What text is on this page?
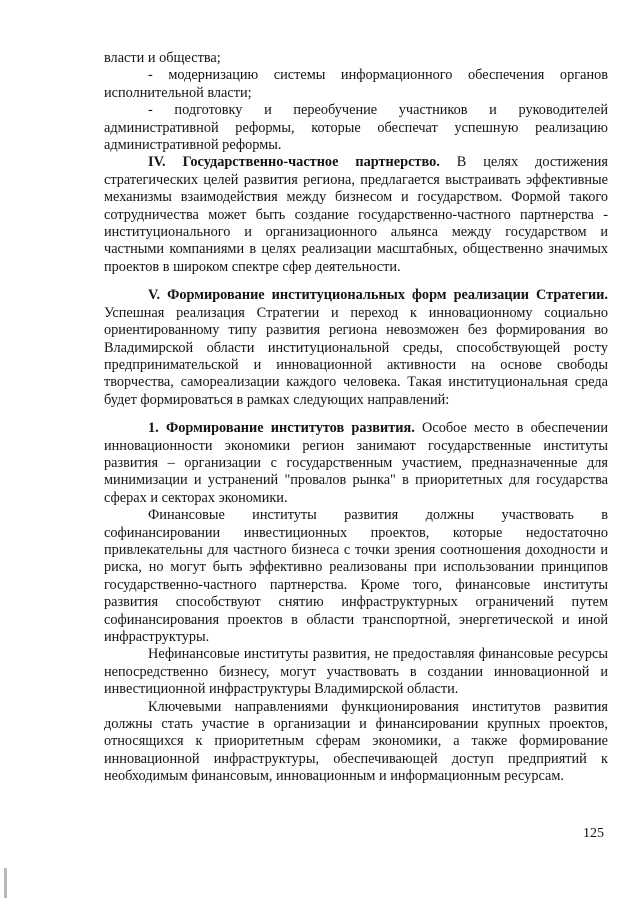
власти и общества;

- модернизацию системы информационного обеспечения органов исполнительной власти;

- подготовку и переобучение участников и руководителей административной реформы, которые обеспечат успешную реализацию административной реформы.

IV. Государственно-частное партнерство. В целях достижения стратегических целей развития региона, предлагается выстраивать эффективные механизмы взаимодействия между бизнесом и государством. Формой такого сотрудничества может быть создание государственно-частного партнерства - институционального и организационного альянса между государством и частными компаниями в целях реализации масштабных, общественно значимых проектов в широком спектре сфер деятельности.

V. Формирование институциональных форм реализации Стратегии. Успешная реализация Стратегии и переход к инновационному социально ориентированному типу развития региона невозможен без формирования во Владимирской области институциональной среды, способствующей росту предпринимательской и инновационной активности на основе свободы творчества, самореализации каждого человека. Такая институциональная среда будет формироваться в рамках следующих направлений:

1. Формирование институтов развития. Особое место в обеспечении инновационности экономики регион занимают государственные институты развития – организации с государственным участием, предназначенные для минимизации и устранений "провалов рынка" в приоритетных для государства сферах и секторах экономики.

Финансовые институты развития должны участвовать в софинансировании инвестиционных проектов, которые недостаточно привлекательны для частного бизнеса с точки зрения соотношения доходности и риска, но могут быть эффективно реализованы при использовании принципов государственно-частного партнерства. Кроме того, финансовые институты развития способствуют снятию инфраструктурных ограничений путем софинансирования проектов в области транспортной, энергетической и иной инфраструктуры.

Нефинансовые институты развития, не предоставляя финансовые ресурсы непосредственно бизнесу, могут участвовать в создании инновационной и инвестиционной инфраструктуры Владимирской области.

Ключевыми направлениями функционирования институтов развития должны стать участие в организации и финансировании крупных проектов, относящихся к приоритетным сферам экономики, а также формирование инновационной инфраструктуры, обеспечивающей доступ предприятий к необходимым финансовым, инновационным и информационным ресурсам.

125
